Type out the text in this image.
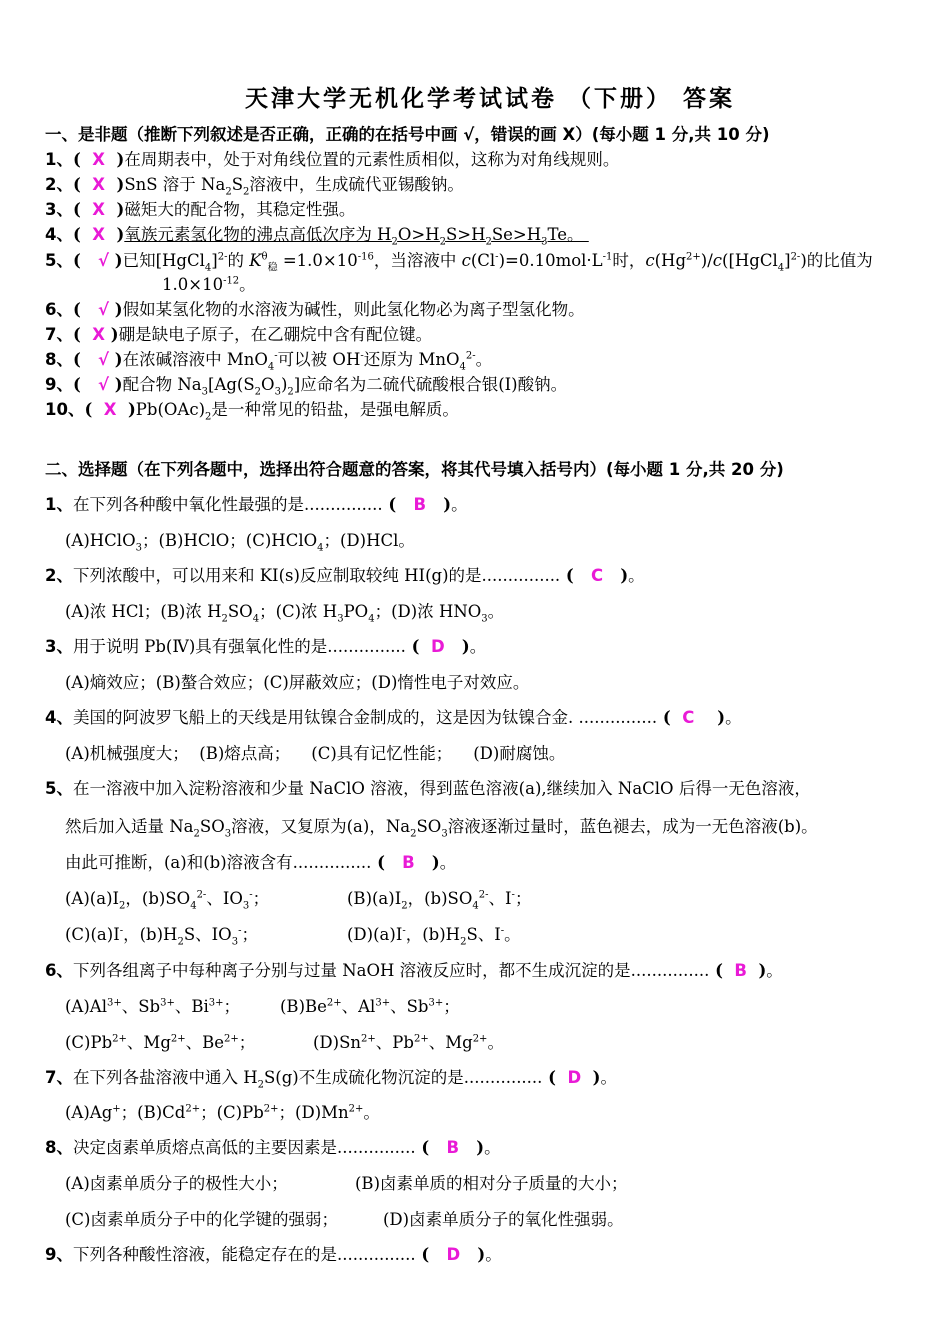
天津大学无机化学考试试卷 （下册） 答案
一、是非题（推断下列叙述是否正确，正确的在括号中画 √，错误的画 X）(每小题 1 分,共 10 分)
1、(  X  )在周期表中，处于对角线位置的元素性质相似，这称为对角线规则。
2、(  X  )SnS 溶于 $Na_2S_2$溶液中，生成硫代亚锡酸钠。
3、(  X  )磁矩大的配合物，其稳定性强。
4、(  X  )氧族元素氢化物的沸点高低次序为 $H_2O>H_2S>H_2Se>H_3Te$。
5、(   √ )已知[HgCl$_4$]$^{2-}$的 $K^\theta_稳 =1.0\times 10^{-16}$，当溶液中 $c(Cl^-)=0.10mol\cdot L^{-1}$时，$c(Hg^{2+})/c([HgCl_4]^{2-})$的比值为
$1.0\times 10^{-12}$。
6、(   √ )假如某氢化物的水溶液为碱性，则此氢化物必为离子型氢化物。
7、(  X )硼是缺电子原子，在乙硼烷中含有配位键。
8、(   √ )在浓碱溶液中 MnO$_4$-可以被 OH-还原为 MnO$_4^{2-}$。
9、(   √ )配合物 $Na_3[Ag(S_2O_3)_2]$应命名为二硫代硫酸根合银(Ⅰ)酸钠。
10、(  X  )$Pb(OAc)_2$是一种常见的铅盐，是强电解质。
二、选择题（在下列各题中，选择出符合题意的答案，将其代号填入括号内）(每小题 1 分,共 20 分)
1、在下列各种酸中氧化性最强的是............... (   B   )。
(A)HClO$_3$；(B)HClO；(C)HClO$_4$；(D)HCl。
2、下列浓酸中，可以用来和 KI(s)反应制取较纯 HI(g)的是............... (   C   )。
(A)浓 HCl；(B)浓 $H_2SO_4$；(C)浓 $H_3PO_4$；(D)浓 $HNO_3$。
3、用于说明 Pb(Ⅳ)具有强氧化性的是............... (  D   )。
(A)熵效应；(B)螯合效应；(C)屏蔽效应；(D)惰性电子对效应。
4、美国的阿波罗飞船上的天线是用钛镍合金制成的，这是因为钛镍合金. ............... (  C    )。
(A)机械强度大；  (B)熔点高；    (C)具有记忆性能；    (D)耐腐蚀。
5、在一溶液中加入淀粉溶液和少量 NaClO 溶液，得到蓝色溶液(a),继续加入 NaClO 后得一无色溶液，
然后加入适量 $Na_2SO_3$溶液，又复原为(a)，$Na_2SO_3$溶液逐渐过量时，蓝色褪去，成为一无色溶液(b)。
由此可推断，(a)和(b)溶液含有............... (   B   )。
$(A)(a)I_2$，$(b)SO_4^{2-}$、$IO_3^-$；	$(B)(a)I_2$，$(b)SO_4^{2-}$、I-；
(C)(a)I-，$(b)H_2S$、$IO_3^-$；	(D)(a)I-，$(b)H_2S$、I-。
6、下列各组离子中每种离子分别与过量 NaOH 溶液反应时，都不生成沉淀的是............... (  B  )。
$(A)Al^{3+}$、$Sb^{3+}$、$Bi^{3+}$； $(B)Be^{2+}$、$Al^{3+}$、$Sb^{3+}$；
$(C)Pb^{2+}$、$Mg^{2+}$、$Be^{2+}$；	$(D)Sn^{2+}$、$Pb^{2+}$、$Mg^{2+}$。
7、在下列各盐溶液中通入 $H_2S(g)$不生成硫化物沉淀的是............... (  D  )。
(A)Ag+；$(B)Cd^{2+}$；$(C)Pb^{2+}$；$(D)Mn^{2+}$。
8、决定卤素单质熔点高低的主要因素是............... (   B   )。
(A)卤素单质分子的极性大小；	(B)卤素单质的相对分子质量的大小；
(C)卤素单质分子中的化学键的强弱；	(D)卤素单质分子的氧化性强弱。
9、下列各种酸性溶液，能稳定存在的是............... (   D   )。
